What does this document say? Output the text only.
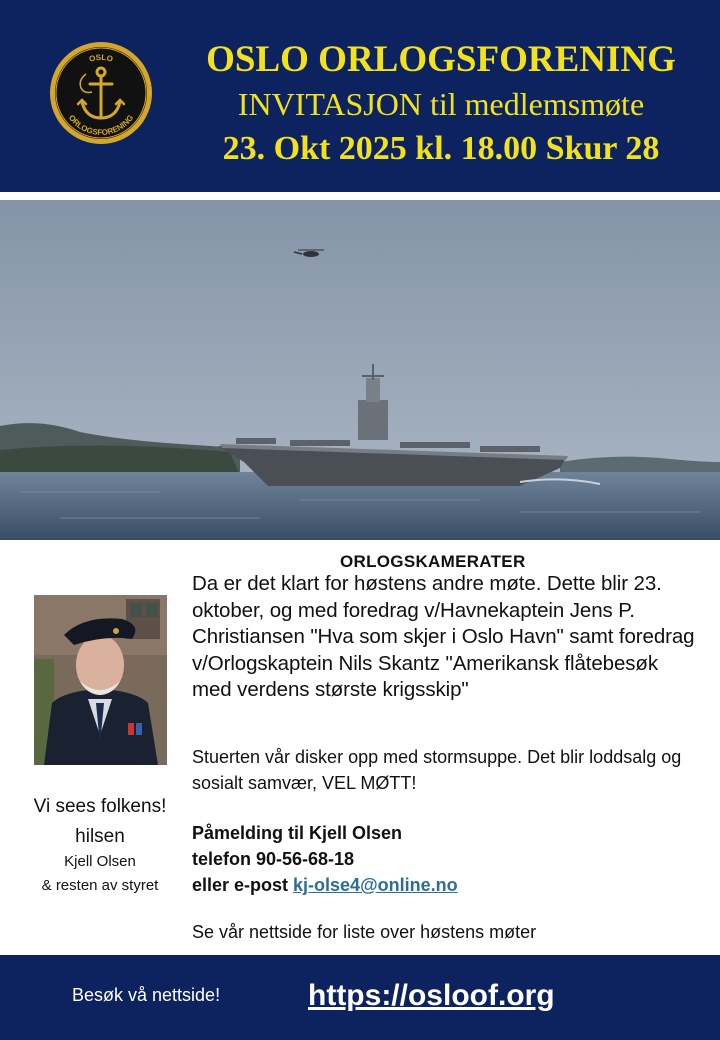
OSLO
ORLOGSFORENING
OSLO ORLOGSFORENING
INVITASJON til medlemsmøte
23. Okt 2025 kl. 18.00 Skur 28
Vi sees folkens!
hilsen
Kjell Olsen
& resten av styret
ORLOGSKAMERATER

Da er det klart for høstens andre møte. Dette blir 23. oktober, og med foredrag v/Havnekaptein Jens P. Christiansen "Hva som skjer i Oslo Havn" samt foredrag v/Orlogskaptein Nils Skantz "Amerikansk flåtebesøk med verdens største krigsskip"

Stuerten vår disker opp med stormsuppe. Det blir loddsalg og sosialt samvær, VEL MØTT!

Påmelding til Kjell Olsen
telefon 90-56-68-18
eller e-post kj-olse4@online.no
Se vår nettside for liste over høstens møter
Besøk vå nettside!	https://osloof.org
